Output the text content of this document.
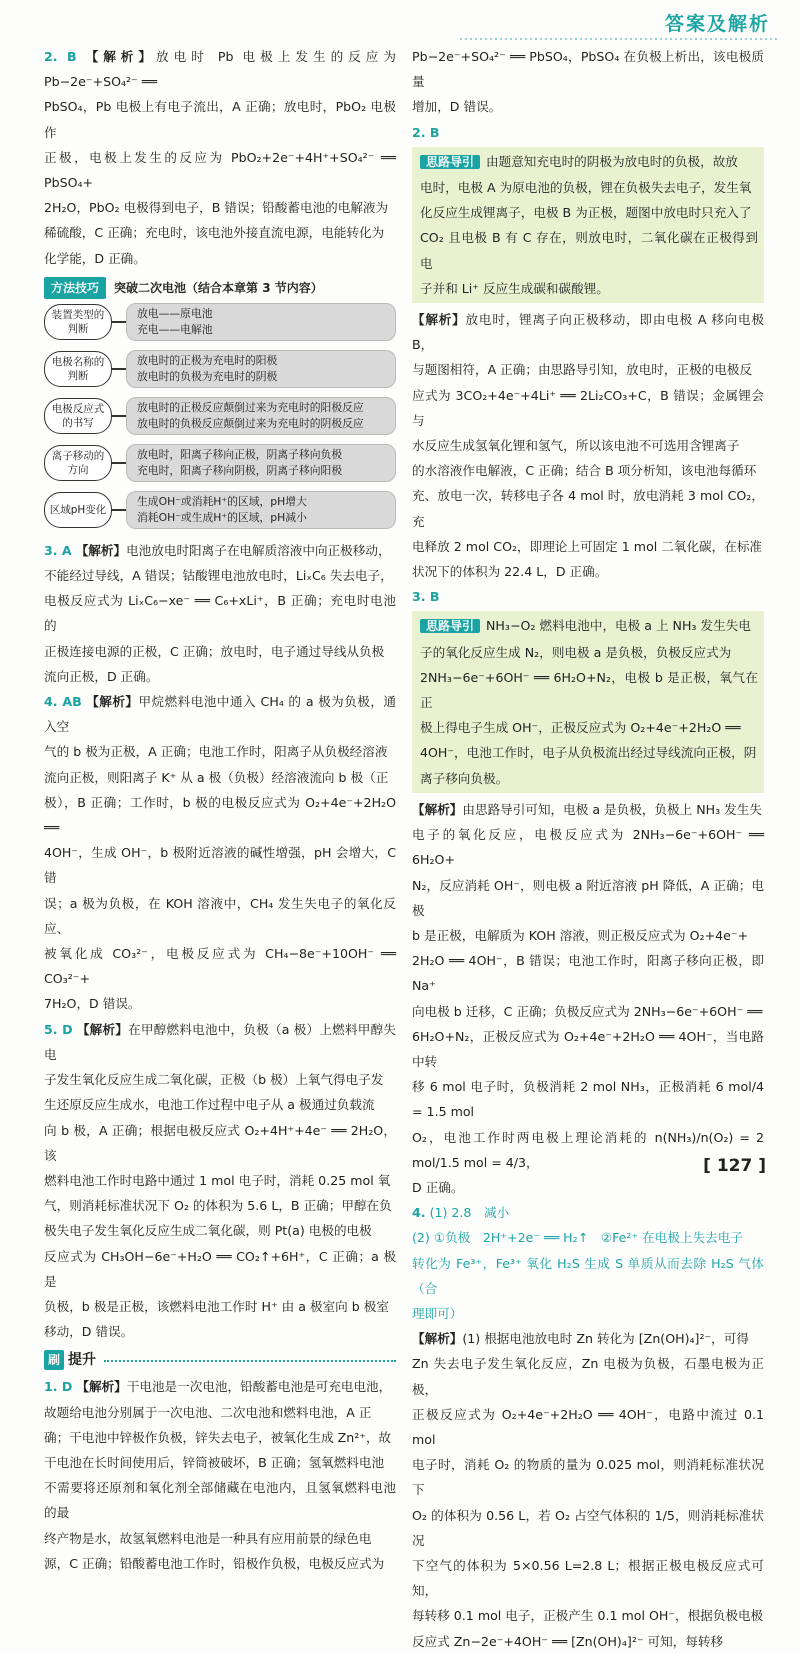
答案及解析

2. B 【解析】放电时 Pb 电极上发生的反应为 Pb−2e⁻+SO₄²⁻ ══

PbSO₄，Pb 电极上有电子流出，A 正确；放电时，PbO₂ 电极作

正极，电极上发生的反应为 PbO₂+2e⁻+4H⁺+SO₄²⁻ ══ PbSO₄+

2H₂O，PbO₂ 电极得到电子，B 错误；铅酸蓄电池的电解液为

稀硫酸，C 正确；充电时，该电池外接直流电源，电能转化为

化学能，D 正确。

方法技巧	突破二次电池（结合本章第 3 节内容）
装置类型的判断
放电——原电池
充电——电解池
电极名称的判断
放电时的正极为充电时的阳极
放电时的负极为充电时的阴极
电极反应式的书写
放电时的正极反应颠倒过来为充电时的阳极反应
放电时的负极反应颠倒过来为充电时的阴极反应
离子移动的方向
放电时，阳离子移向正极，阴离子移向负极
充电时，阳离子移向阴极，阴离子移向阳极
区域pH变化
生成OH⁻或消耗H⁺的区域，pH增大
消耗OH⁻或生成H⁺的区域，pH减小

3. A 【解析】电池放电时阳离子在电解质溶液中向正极移动，

不能经过导线，A 错误；钴酸锂电池放电时，LiₓC₆ 失去电子，

电极反应式为 LiₓC₆−xe⁻ ══ C₆+xLi⁺，B 正确；充电时电池的

正极连接电源的正极，C 正确；放电时，电子通过导线从负极

流向正极，D 正确。

4. AB 【解析】甲烷燃料电池中通入 CH₄ 的 a 极为负极，通入空

气的 b 极为正极，A 正确；电池工作时，阳离子从负极经溶液

流向正极，则阳离子 K⁺ 从 a 极（负极）经溶液流向 b 极（正

极），B 正确；工作时，b 极的电极反应式为 O₂+4e⁻+2H₂O ══

4OH⁻，生成 OH⁻，b 极附近溶液的碱性增强，pH 会增大，C 错

误；a 极为负极，在 KOH 溶液中，CH₄ 发生失电子的氧化反应、

被氧化成 CO₃²⁻，电极反应式为 CH₄−8e⁻+10OH⁻ ══ CO₃²⁻+

7H₂O，D 错误。

5. D 【解析】在甲醇燃料电池中，负极（a 极）上燃料甲醇失电

子发生氧化反应生成二氧化碳，正极（b 极）上氧气得电子发

生还原反应生成水，电池工作过程中电子从 a 极通过负载流

向 b 极，A 正确；根据电极反应式 O₂+4H⁺+4e⁻ ══ 2H₂O，该

燃料电池工作时电路中通过 1 mol 电子时，消耗 0.25 mol 氧

气，则消耗标准状况下 O₂ 的体积为 5.6 L，B 正确；甲醇在负

极失电子发生氧化反应生成二氧化碳，则 Pt(a) 电极的电极

反应式为 CH₃OH−6e⁻+H₂O ══ CO₂↑+6H⁺，C 正确；a 极是

负极，b 极是正极，该燃料电池工作时 H⁺ 由 a 极室向 b 极室

移动，D 错误。

刷 提升

1. D 【解析】干电池是一次电池，铅酸蓄电池是可充电电池，

故题给电池分别属于一次电池、二次电池和燃料电池，A 正

确；干电池中锌极作负极，锌失去电子，被氧化生成 Zn²⁺，故

干电池在长时间使用后，锌筒被破坏，B 正确；氢氧燃料电池

不需要将还原剂和氧化剂全部储藏在电池内，且氢氧燃料电池的最

终产物是水，故氢氧燃料电池是一种具有应用前景的绿色电

源，C 正确；铅酸蓄电池工作时，铅极作负极，电极反应式为

Pb−2e⁻+SO₄²⁻ ══ PbSO₄，PbSO₄ 在负极上析出，该电极质量

增加，D 错误。

2. B

思路导引 由题意知充电时的阴极为放电时的负极，故放

电时，电极 A 为原电池的负极，锂在负极失去电子，发生氧

化反应生成锂离子，电极 B 为正极，题图中放电时只充入了

CO₂ 且电极 B 有 C 存在，则放电时，二氧化碳在正极得到电

子并和 Li⁺ 反应生成碳和碳酸锂。

【解析】放电时，锂离子向正极移动，即由电极 A 移向电极 B，

与题图相符，A 正确；由思路导引知，放电时，正极的电极反

应式为 3CO₂+4e⁻+4Li⁺ ══ 2Li₂CO₃+C，B 错误；金属锂会与

水反应生成氢氧化锂和氢气，所以该电池不可选用含锂离子

的水溶液作电解液，C 正确；结合 B 项分析知，该电池每循环

充、放电一次，转移电子各 4 mol 时，放电消耗 3 mol CO₂，充

电释放 2 mol CO₂，即理论上可固定 1 mol 二氧化碳，在标准

状况下的体积为 22.4 L，D 正确。

3. B

思路导引 NH₃−O₂ 燃料电池中，电极 a 上 NH₃ 发生失电

子的氧化反应生成 N₂，则电极 a 是负极，负极反应式为

2NH₃−6e⁻+6OH⁻ ══ 6H₂O+N₂，电极 b 是正极，氧气在正

极上得电子生成 OH⁻，正极反应式为 O₂+4e⁻+2H₂O ══

4OH⁻，电池工作时，电子从负极流出经过导线流向正极，阴

离子移向负极。

【解析】由思路导引可知，电极 a 是负极，负极上 NH₃ 发生失

电子的氧化反应，电极反应式为 2NH₃−6e⁻+6OH⁻ ══ 6H₂O+

N₂，反应消耗 OH⁻，则电极 a 附近溶液 pH 降低，A 正确；电极

b 是正极，电解质为 KOH 溶液，则正极反应式为 O₂+4e⁻+

2H₂O ══ 4OH⁻，B 错误；电池工作时，阳离子移向正极，即 Na⁺

向电极 b 迁移，C 正确；负极反应式为 2NH₃−6e⁻+6OH⁻ ══

6H₂O+N₂，正极反应式为 O₂+4e⁻+2H₂O ══ 4OH⁻，当电路中转

移 6 mol 电子时，负极消耗 2 mol NH₃，正极消耗 6 mol/4 = 1.5 mol

O₂，电池工作时两电极上理论消耗的 n(NH₃)/n(O₂) = 2 mol/1.5 mol = 4/3，

D 正确。

4. (1) 2.8　减小

(2) ①负极　2H⁺+2e⁻ ══ H₂↑　②Fe²⁺ 在电极上失去电子

转化为 Fe³⁺，Fe³⁺ 氧化 H₂S 生成 S 单质从而去除 H₂S 气体（合

理即可）

【解析】(1) 根据电池放电时 Zn 转化为 [Zn(OH)₄]²⁻，可得

Zn 失去电子发生氧化反应，Zn 电极为负极，石墨电极为正极，

正极反应式为 O₂+4e⁻+2H₂O ══ 4OH⁻，电路中流过 0.1 mol

电子时，消耗 O₂ 的物质的量为 0.025 mol，则消耗标准状况下

O₂ 的体积为 0.56 L，若 O₂ 占空气体积的 1/5，则消耗标准状况

下空气的体积为 5×0.56 L=2.8 L；根据正极电极反应式可知，

每转移 0.1 mol 电子，正极产生 0.1 mol OH⁻，根据负极电极

反应式 Zn−2e⁻+4OH⁻ ══ [Zn(OH)₄]²⁻ 可知，每转移

[ 127 ]
